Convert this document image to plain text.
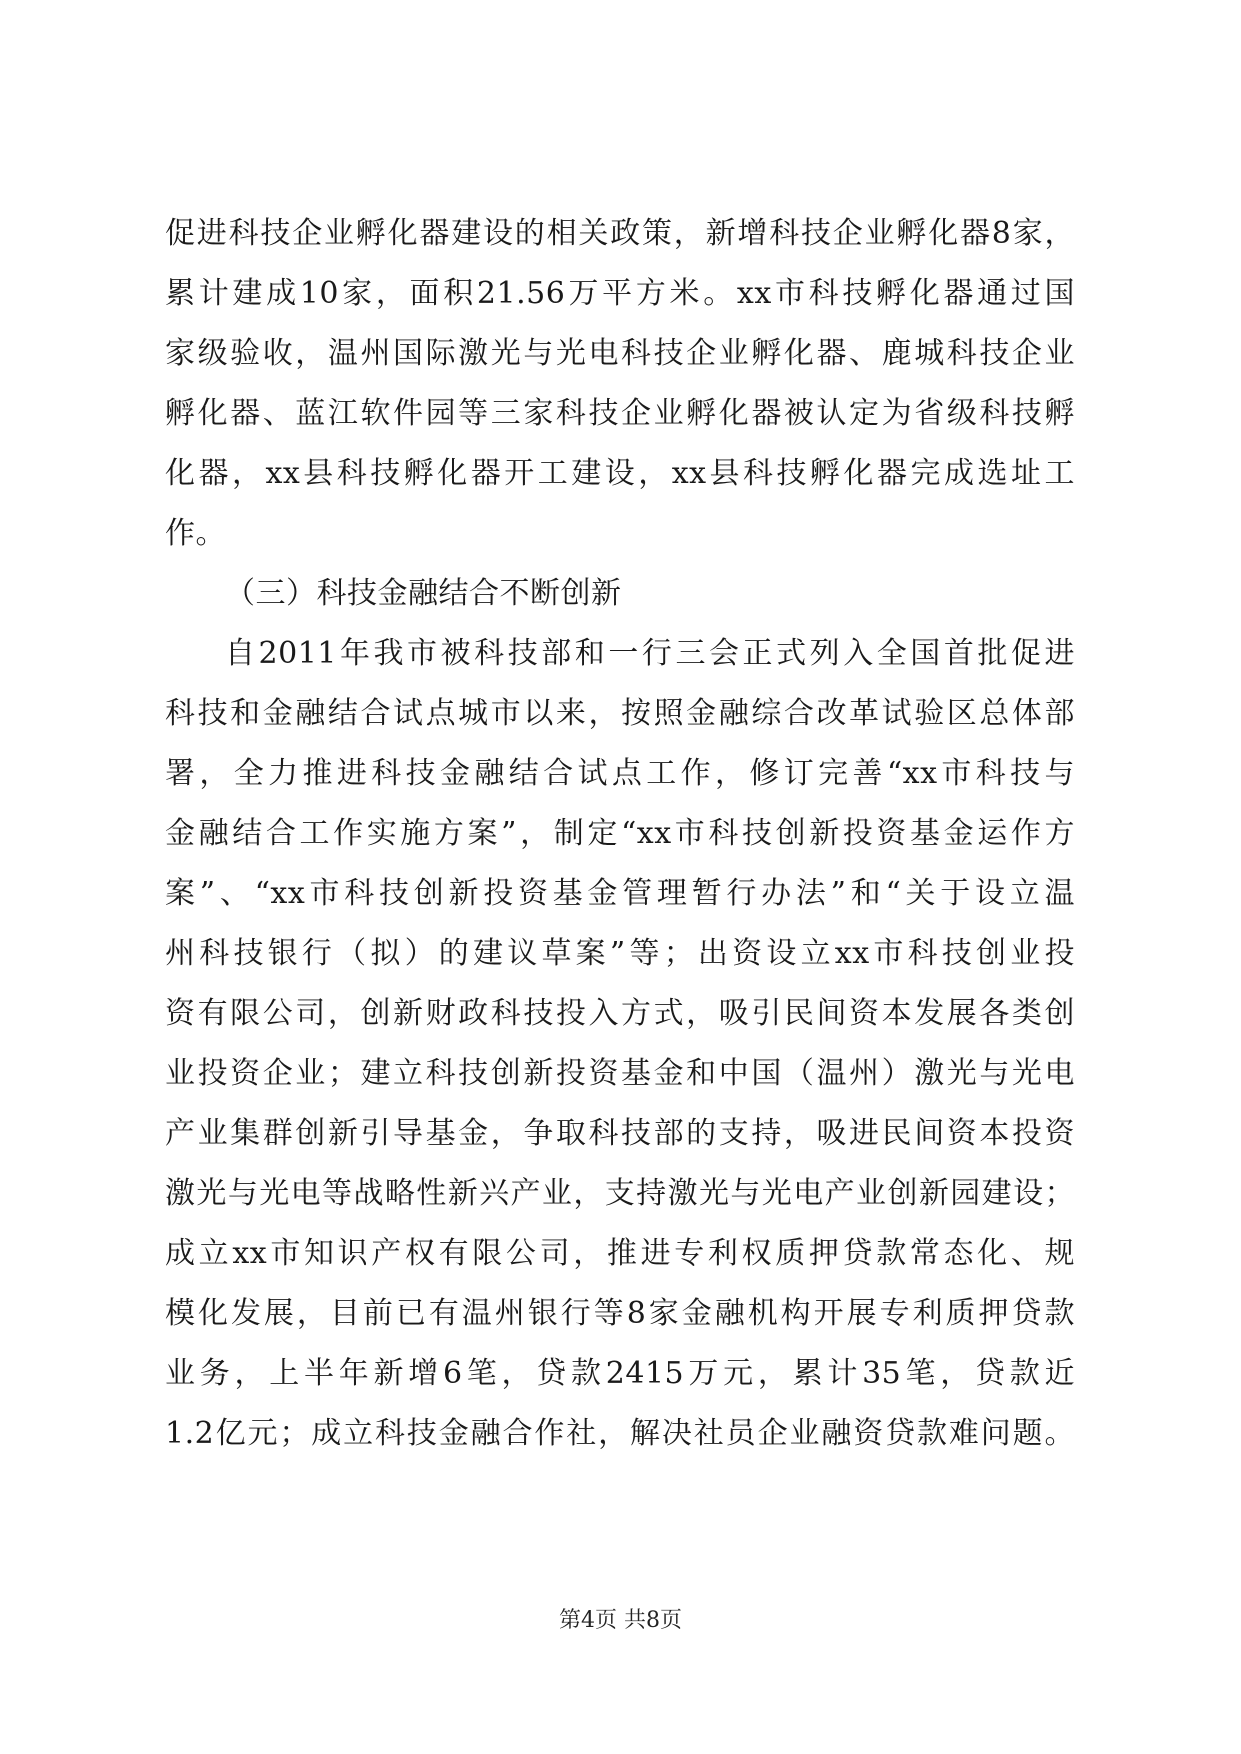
促进科技企业孵化器建设的相关政策，新增科技企业孵化器8家，
累计建成10家，面积21.56万平方米。xx市科技孵化器通过国
家级验收，温州国际激光与光电科技企业孵化器、鹿城科技企业
孵化器、蓝江软件园等三家科技企业孵化器被认定为省级科技孵
化器，xx县科技孵化器开工建设，xx县科技孵化器完成选址工
作。
（三）科技金融结合不断创新
自2011年我市被科技部和一行三会正式列入全国首批促进
科技和金融结合试点城市以来，按照金融综合改革试验区总体部
署，全力推进科技金融结合试点工作，修订完善“xx市科技与
金融结合工作实施方案”，制定“xx市科技创新投资基金运作方
案”、“xx市科技创新投资基金管理暂行办法”和“关于设立温
州科技银行（拟）的建议草案”等；出资设立xx市科技创业投
资有限公司，创新财政科技投入方式，吸引民间资本发展各类创
业投资企业；建立科技创新投资基金和中国（温州）激光与光电
产业集群创新引导基金，争取科技部的支持，吸进民间资本投资
激光与光电等战略性新兴产业，支持激光与光电产业创新园建设；
成立xx市知识产权有限公司，推进专利权质押贷款常态化、规
模化发展，目前已有温州银行等8家金融机构开展专利质押贷款
业务，上半年新增6笔，贷款2415万元，累计35笔，贷款近
1.2亿元；成立科技金融合作社，解决社员企业融资贷款难问题。
第4页 共8页
